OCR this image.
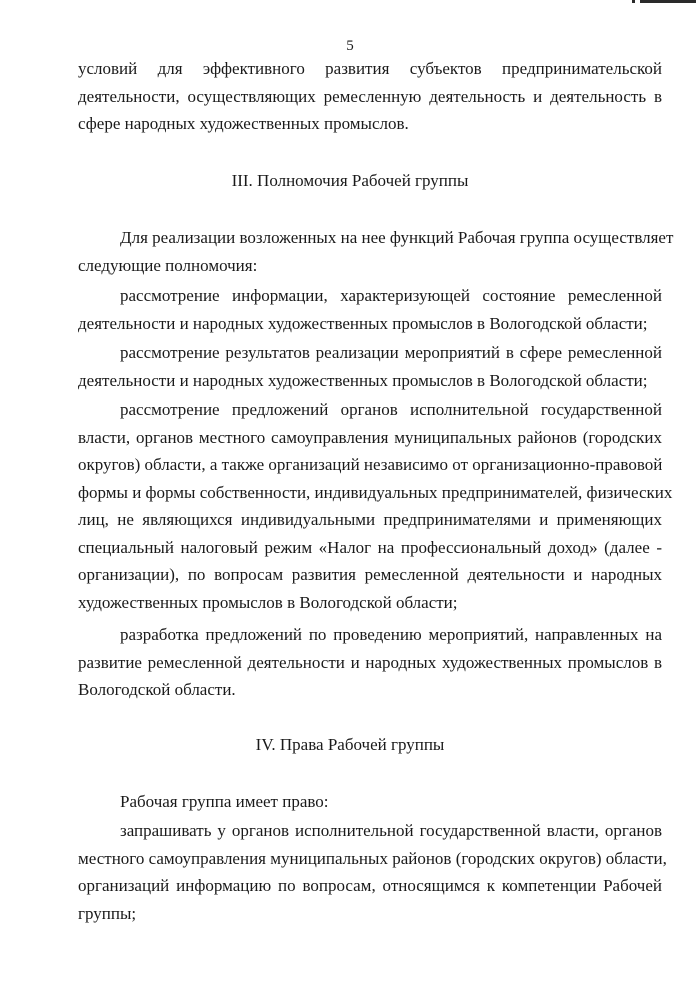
5

условий для эффективного развития субъектов предпринимательской
деятельности, осуществляющих ремесленную деятельность и деятельность в
сфере народных художественных промыслов.

III. Полномочия Рабочей группы

Для реализации возложенных на нее функций Рабочая группа осуществляет
следующие полномочия:

рассмотрение информации, характеризующей состояние ремесленной
деятельности и народных художественных промыслов в Вологодской области;

рассмотрение результатов реализации мероприятий в сфере ремесленной
деятельности и народных художественных промыслов в Вологодской области;

рассмотрение предложений органов исполнительной государственной
власти, органов местного самоуправления муниципальных районов (городских
округов) области, а также организаций независимо от организационно-правовой
формы и формы собственности, индивидуальных предпринимателей, физических
лиц, не являющихся индивидуальными предпринимателями и применяющих
специальный налоговый режим «Налог на профессиональный доход» (далее -
организации), по вопросам развития ремесленной деятельности и народных
художественных промыслов в Вологодской области;

разработка предложений по проведению мероприятий, направленных на
развитие ремесленной деятельности и народных художественных промыслов в
Вологодской области.

IV. Права Рабочей группы

Рабочая группа имеет право:

запрашивать у органов исполнительной государственной власти, органов
местного самоуправления муниципальных районов (городских округов) области,
организаций информацию по вопросам, относящимся к компетенции Рабочей
группы;
